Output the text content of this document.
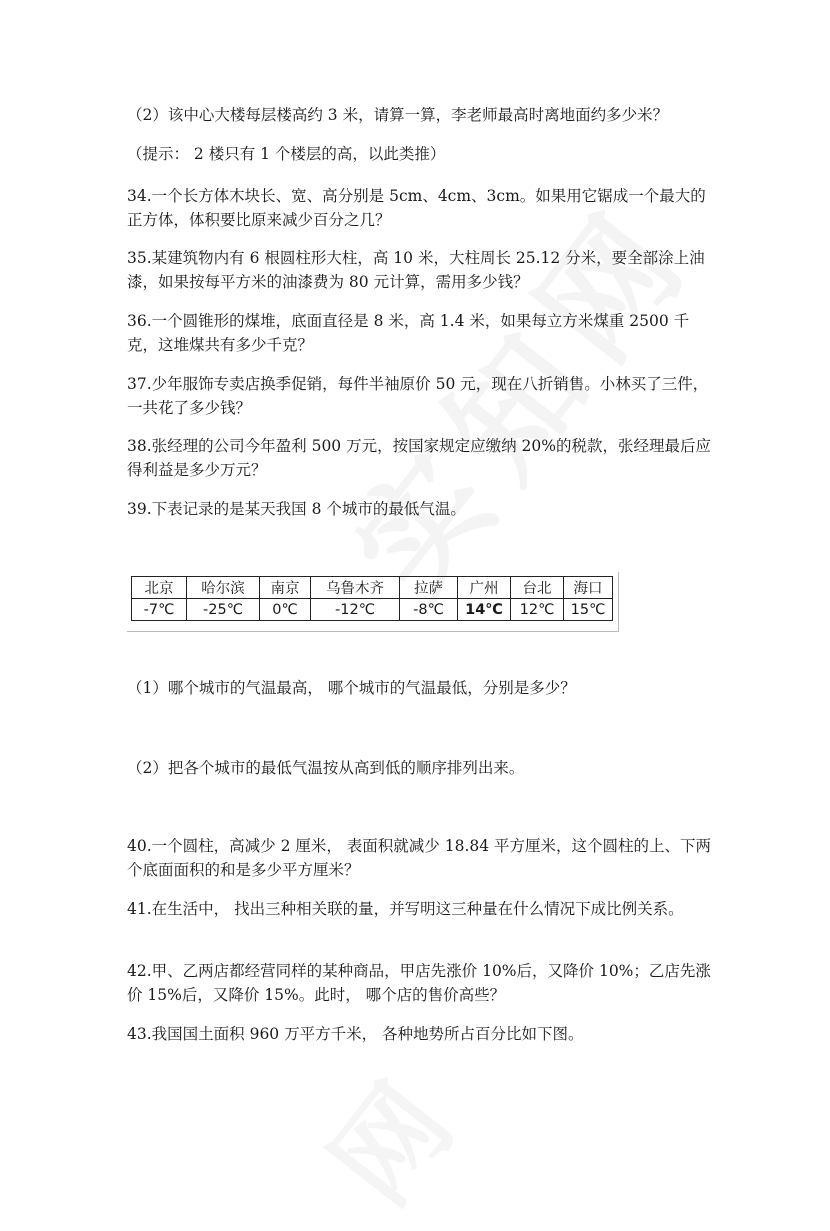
（2）该中心大楼每层楼高约 3 米，请算一算，李老师最高时离地面约多少米？

（提示： 2 楼只有 1 个楼层的高，以此类推）

34.一个长方体木块长、宽、高分别是 5cm、4cm、3cm。如果用它锯成一个最大的正方体，体积要比原来减少百分之几？

35.某建筑物内有 6 根圆柱形大柱，高 10 米，大柱周长 25.12 分米，要全部涂上油漆，如果按每平方米的油漆费为 80 元计算，需用多少钱？

36.一个圆锥形的煤堆，底面直径是 8 米，高 1.4 米，如果每立方米煤重 2500 千克，这堆煤共有多少千克？

37.少年服饰专卖店换季促销，每件半袖原价 50 元，现在八折销售。小林买了三件， 一共花了多少钱？

38.张经理的公司今年盈利 500 万元，按国家规定应缴纳 20%的税款，张经理最后应得利益是多少万元？

39.下表记录的是某天我国 8 个城市的最低气温。

北京	哈尔滨	南京	乌鲁木齐	拉萨	广州	台北	海口
-7℃	-25℃	0℃	-12℃	-8℃	14℃	12℃	15℃

（1）哪个城市的气温最高， 哪个城市的气温最低，分别是多少？

（2）把各个城市的最低气温按从高到低的顺序排列出来。

40.一个圆柱，高减少 2 厘米， 表面积就减少 18.84 平方厘米，这个圆柱的上、下两个底面面积的和是多少平方厘米？

41.在生活中， 找出三种相关联的量，并写明这三种量在什么情况下成比例关系。

42.甲、乙两店都经营同样的某种商品，甲店先涨价 10%后，又降价 10%；乙店先涨价 15%后，又降价 15%。此时， 哪个店的售价高些？

43.我国国土面积 960 万平方千米， 各种地势所占百分比如下图。
